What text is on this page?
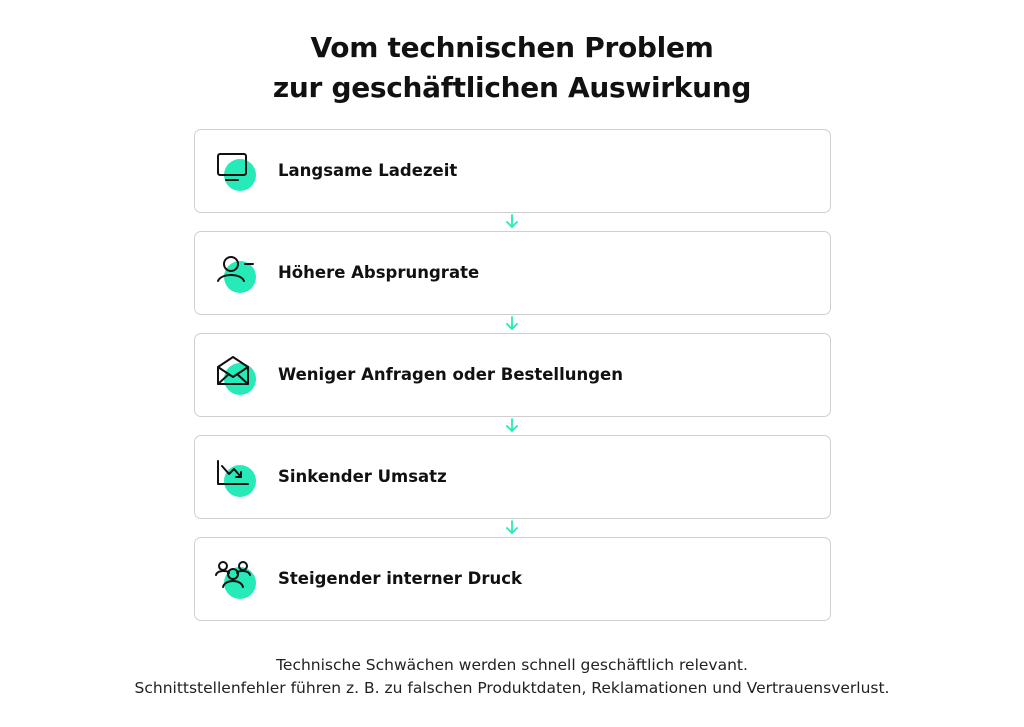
Vom technischen Problem
zur geschäftlichen Auswirkung
Langsame Ladezeit
Höhere Absprungrate
Weniger Anfragen oder Bestellungen
Sinkender Umsatz
Steigender interner Druck
Technische Schwächen werden schnell geschäftlich relevant.
Schnittstellenfehler führen z. B. zu falschen Produktdaten, Reklamationen und Vertrauensverlust.
